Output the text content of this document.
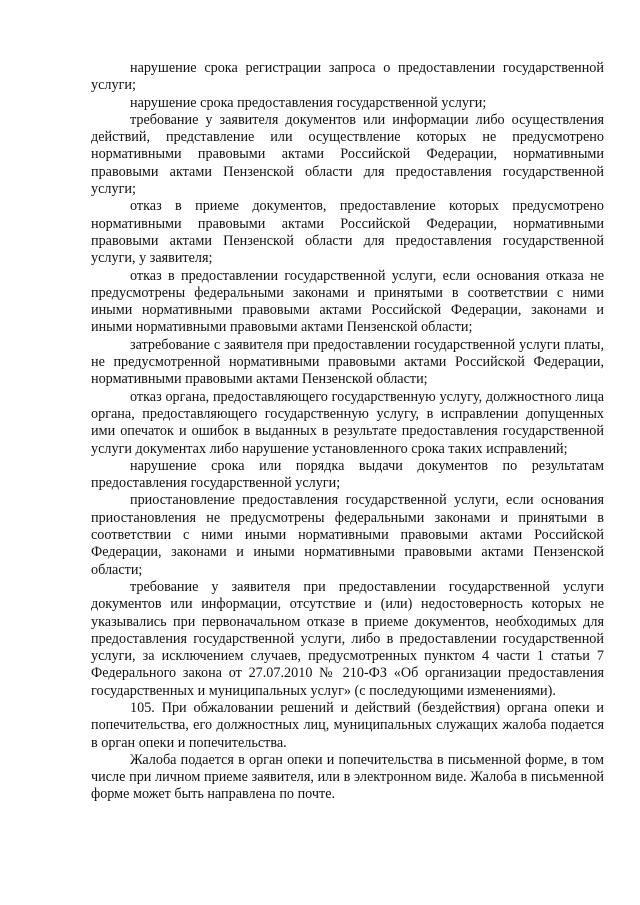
нарушение срока регистрации запроса о предоставлении государственной услуги;

нарушение срока предоставления государственной услуги;

требование у заявителя документов или информации либо осуществления действий, представление или осуществление которых не предусмотрено нормативными правовыми актами Российской Федерации, нормативными правовыми актами Пензенской области для предоставления государственной услуги;

отказ в приеме документов, предоставление которых предусмотрено нормативными правовыми актами Российской Федерации, нормативными правовыми актами Пензенской области для предоставления государственной услуги, у заявителя;

отказ в предоставлении государственной услуги, если основания отказа не предусмотрены федеральными законами и принятыми в соответствии с ними иными нормативными правовыми актами Российской Федерации, законами и иными нормативными правовыми актами Пензенской области;

затребование с заявителя при предоставлении государственной услуги платы, не предусмотренной нормативными правовыми актами Российской Федерации, нормативными правовыми актами Пензенской области;

отказ органа, предоставляющего государственную услугу, должностного лица органа, предоставляющего государственную услугу, в исправлении допущенных ими опечаток и ошибок в выданных в результате предоставления государственной услуги документах либо нарушение установленного срока таких исправлений;

нарушение срока или порядка выдачи документов по результатам предоставления государственной услуги;

приостановление предоставления государственной услуги, если основания приостановления не предусмотрены федеральными законами и принятыми в соответствии с ними иными нормативными правовыми актами Российской Федерации, законами и иными нормативными правовыми актами Пензенской области;

требование у заявителя при предоставлении государственной услуги документов или информации, отсутствие и (или) недостоверность которых не указывались при первоначальном отказе в приеме документов, необходимых для предоставления государственной услуги, либо в предоставлении государственной услуги, за исключением случаев, предусмотренных пунктом 4 части 1 статьи 7 Федерального закона от 27.07.2010 № 210-ФЗ «Об организации предоставления государственных и муниципальных услуг» (с последующими изменениями).

105. При обжаловании решений и действий (бездействия) органа опеки и попечительства, его должностных лиц, муниципальных служащих жалоба подается в орган опеки и попечительства.

Жалоба подается в орган опеки и попечительства в письменной форме, в том числе при личном приеме заявителя, или в электронном виде. Жалоба в письменной форме может быть направлена по почте.
